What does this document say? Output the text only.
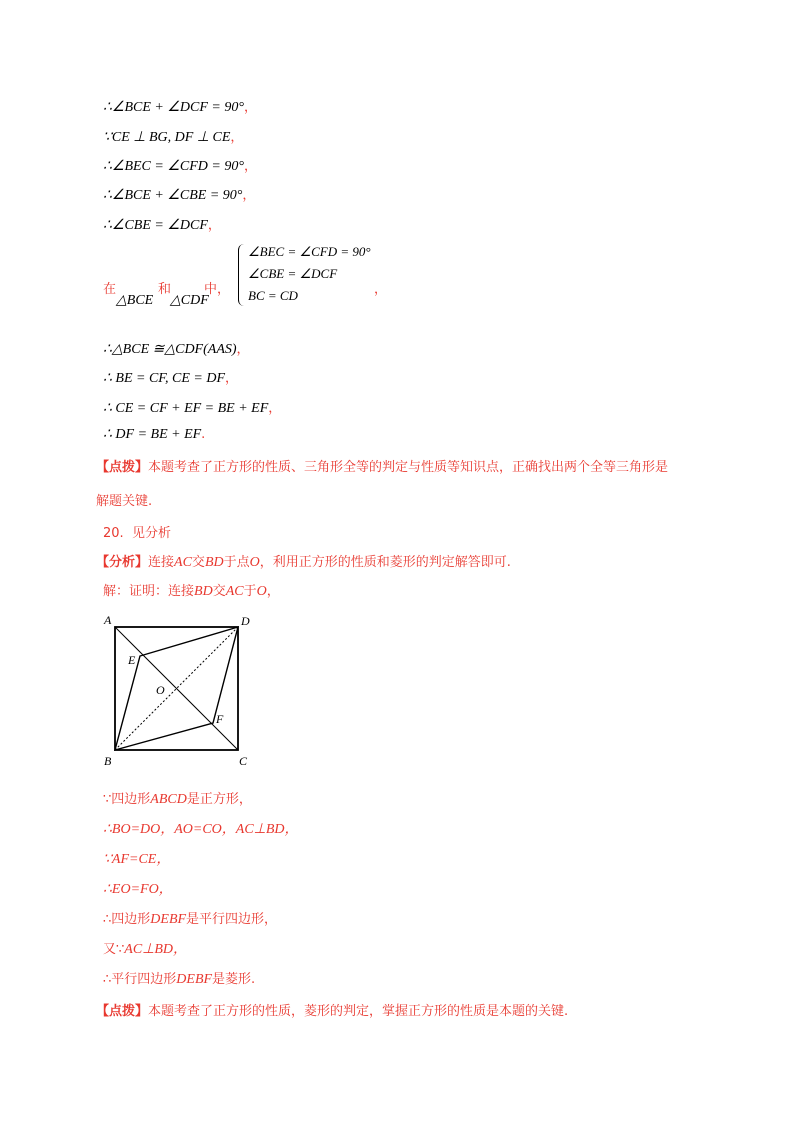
∴∠BCE + ∠DCF = 90°，
∵CE ⊥ BG, DF ⊥ CE，
∴∠BEC = ∠CFD = 90°，
∴∠BCE + ∠CBE = 90°，
∴∠CBE = ∠DCF，
在
△BCE
和
△CDF
中，
∠BEC = ∠CFD = 90°
∠CBE = ∠DCF
BC = CD	，
∴△BCE ≅△CDF(AAS)，
∴ BE = CF, CE = DF，
∴ CE = CF + EF = BE + EF，
∴ DF = BE + EF.
【点拨】本题考查了正方形的性质、三角形全等的判定与性质等知识点，正确找出两个全等三角形是
解题关键.
20. 见分析
【分析】连接AC交BD于点O，利用正方形的性质和菱形的判定解答即可.
解：证明：连接BD交AC于O，
A	D
B	C
E
F
O
∵四边形ABCD是正方形，
∴BO=DO，AO=CO，AC⊥BD，
∵AF=CE，
∴EO=FO，
∴四边形DEBF是平行四边形，
又∵AC⊥BD，
∴平行四边形DEBF是菱形.
【点拨】本题考查了正方形的性质，菱形的判定，掌握正方形的性质是本题的关键.
